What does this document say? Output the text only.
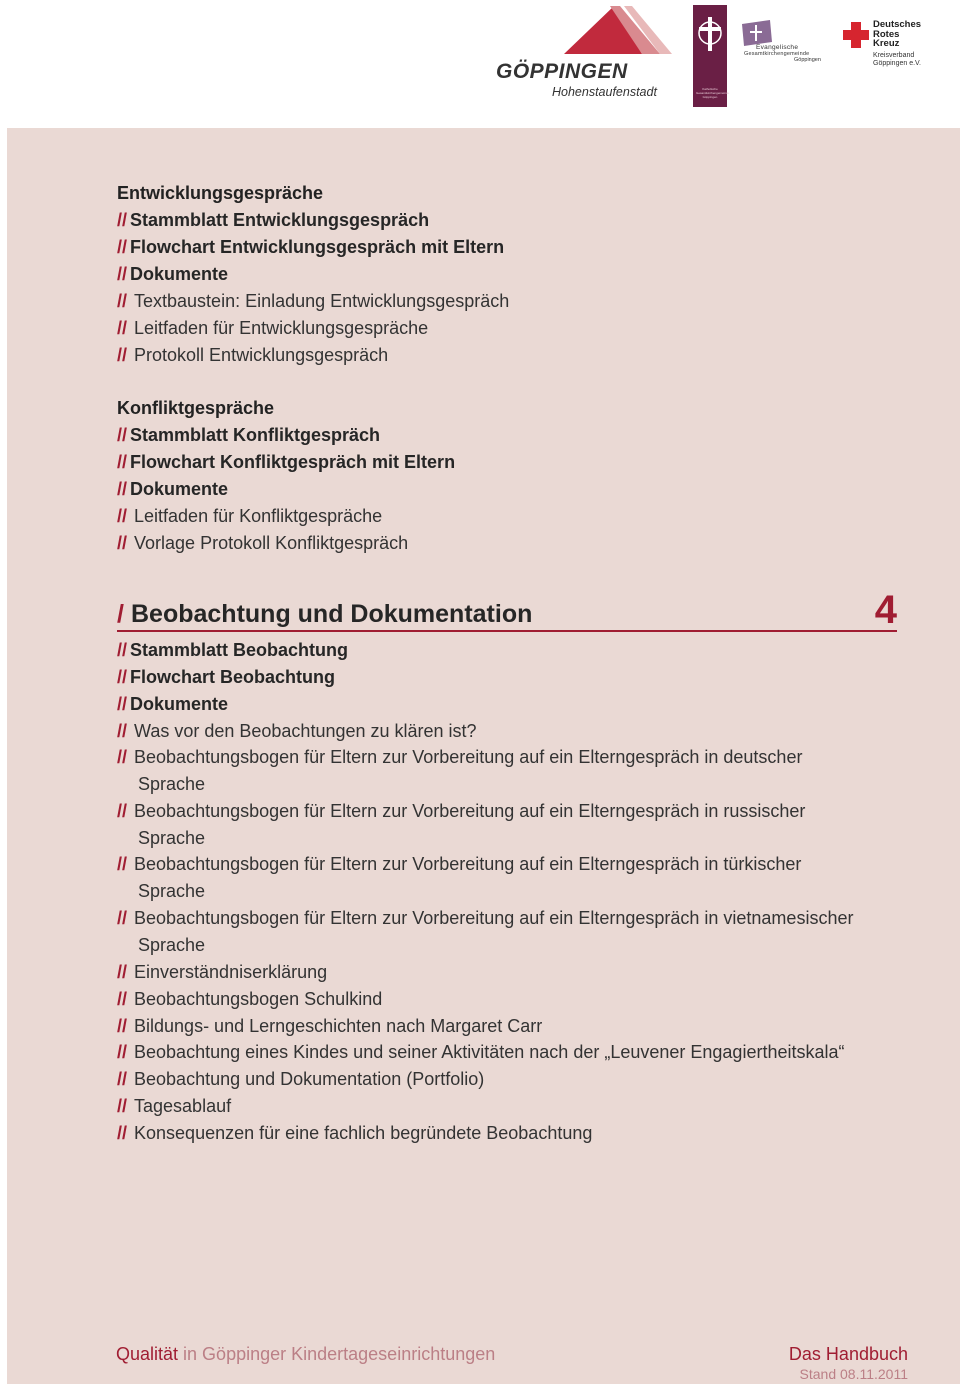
GÖPPINGEN
Hohenstaufenstadt	Katholische Gesamtkirchengemeinde Göppingen
Evangelische
Gesamtkirchengemeinde
Göppingen
Deutsches
Rotes
Kreuz
Kreisverband
Göppingen e.V.
Entwicklungsgespräche
// Stammblatt Entwicklungsgespräch
// Flowchart Entwicklungsgespräch mit Eltern
// Dokumente
// Textbaustein: Einladung Entwicklungsgespräch
// Leitfaden für Entwicklungsgespräche
// Protokoll Entwicklungsgespräch
Konfliktgespräche
// Stammblatt Konfliktgespräch
// Flowchart Konfliktgespräch mit Eltern
// Dokumente
// Leitfaden für Konfliktgespräche
// Vorlage Protokoll Konfliktgespräch
/ Beobachtung und Dokumentation	4
// Stammblatt Beobachtung
// Flowchart Beobachtung
// Dokumente
// Was vor den Beobachtungen zu klären ist?
// Beobachtungsbogen für Eltern zur Vorbereitung auf ein Elterngespräch in deutscher
Sprache
// Beobachtungsbogen für Eltern zur Vorbereitung auf ein Elterngespräch in russischer
Sprache
// Beobachtungsbogen für Eltern zur Vorbereitung auf ein Elterngespräch in türkischer
Sprache
// Beobachtungsbogen für Eltern zur Vorbereitung auf ein Elterngespräch in vietnamesischer
Sprache
// Einverständniserklärung
// Beobachtungsbogen Schulkind
// Bildungs- und Lerngeschichten nach Margaret Carr
// Beobachtung eines Kindes und seiner Aktivitäten nach der „Leuvener Engagiertheitskala“
// Beobachtung und Dokumentation (Portfolio)
// Tagesablauf
// Konsequenzen für eine fachlich begründete Beobachtung
Qualität in Göppinger Kindertageseinrichtungen	Das Handbuch
Stand 08.11.2011
